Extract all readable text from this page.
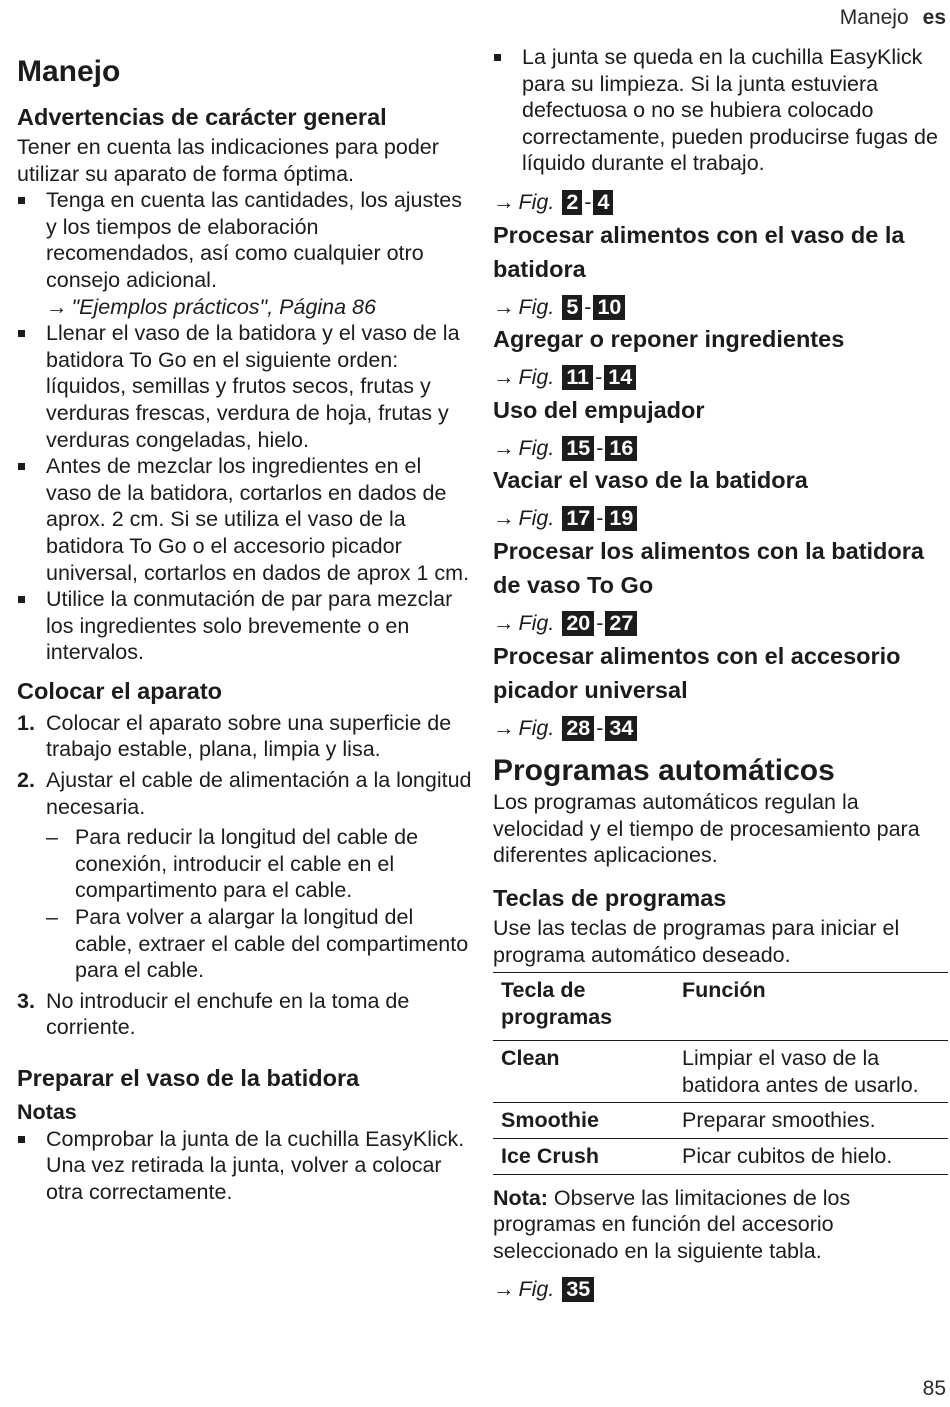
Manejo es
Manejo
Advertencias de carácter general

Tener en cuenta las indicaciones para poder utilizar su aparato de forma óptima.

Tenga en cuenta las cantidades, los ajustes y los tiempos de elaboración recomendados, así como cualquier otro consejo adicional.
→ "Ejemplos prácticos", Página 86
Llenar el vaso de la batidora y el vaso de la batidora To Go en el siguiente orden: líquidos, semillas y frutos secos, frutas y verduras frescas, verdura de hoja, frutas y verduras congeladas, hielo.
Antes de mezclar los ingredientes en el vaso de la batidora, cortarlos en dados de aprox. 2 cm. Si se utiliza el vaso de la batidora To Go o el accesorio picador universal, cortarlos en dados de aprox 1 cm.
Utilice la conmutación de par para mezclar los ingredientes solo brevemente o en intervalos.
Colocar el aparato
1. Colocar el aparato sobre una superficie de trabajo estable, plana, limpia y lisa.
2. Ajustar el cable de alimentación a la longitud necesaria.
– Para reducir la longitud del cable de conexión, introducir el cable en el compartimento para el cable.
– Para volver a alargar la longitud del cable, extraer el cable del compartimento para el cable.
3. No introducir el enchufe en la toma de corriente.
Preparar el vaso de la batidora
Notas
Comprobar la junta de la cuchilla EasyKlick. Una vez retirada la junta, volver a colocar otra correctamente.
La junta se queda en la cuchilla EasyKlick para su limpieza. Si la junta estuviera defectuosa o no se hubiera colocado correctamente, pueden producirse fugas de líquido durante el trabajo.
→ Fig. 2 - 4
Procesar alimentos con el vaso de la batidora
→ Fig. 5 - 10
Agregar o reponer ingredientes
→ Fig. 11 - 14
Uso del empujador
→ Fig. 15 - 16
Vaciar el vaso de la batidora
→ Fig. 17 - 19
Procesar los alimentos con la batidora de vaso To Go
→ Fig. 20 - 27
Procesar alimentos con el accesorio picador universal
→ Fig. 28 - 34
Programas automáticos

Los programas automáticos regulan la velocidad y el tiempo de procesamiento para diferentes aplicaciones.

Teclas de programas

Use las teclas de programas para iniciar el programa automático deseado.

Tecla de programas	Función
Clean	Limpiar el vaso de la batidora antes de usarlo.
Smoothie	Preparar smoothies.
Ice Crush	Picar cubitos de hielo.

Nota: Observe las limitaciones de los programas en función del accesorio seleccionado en la siguiente tabla.

→ Fig. 35
85
